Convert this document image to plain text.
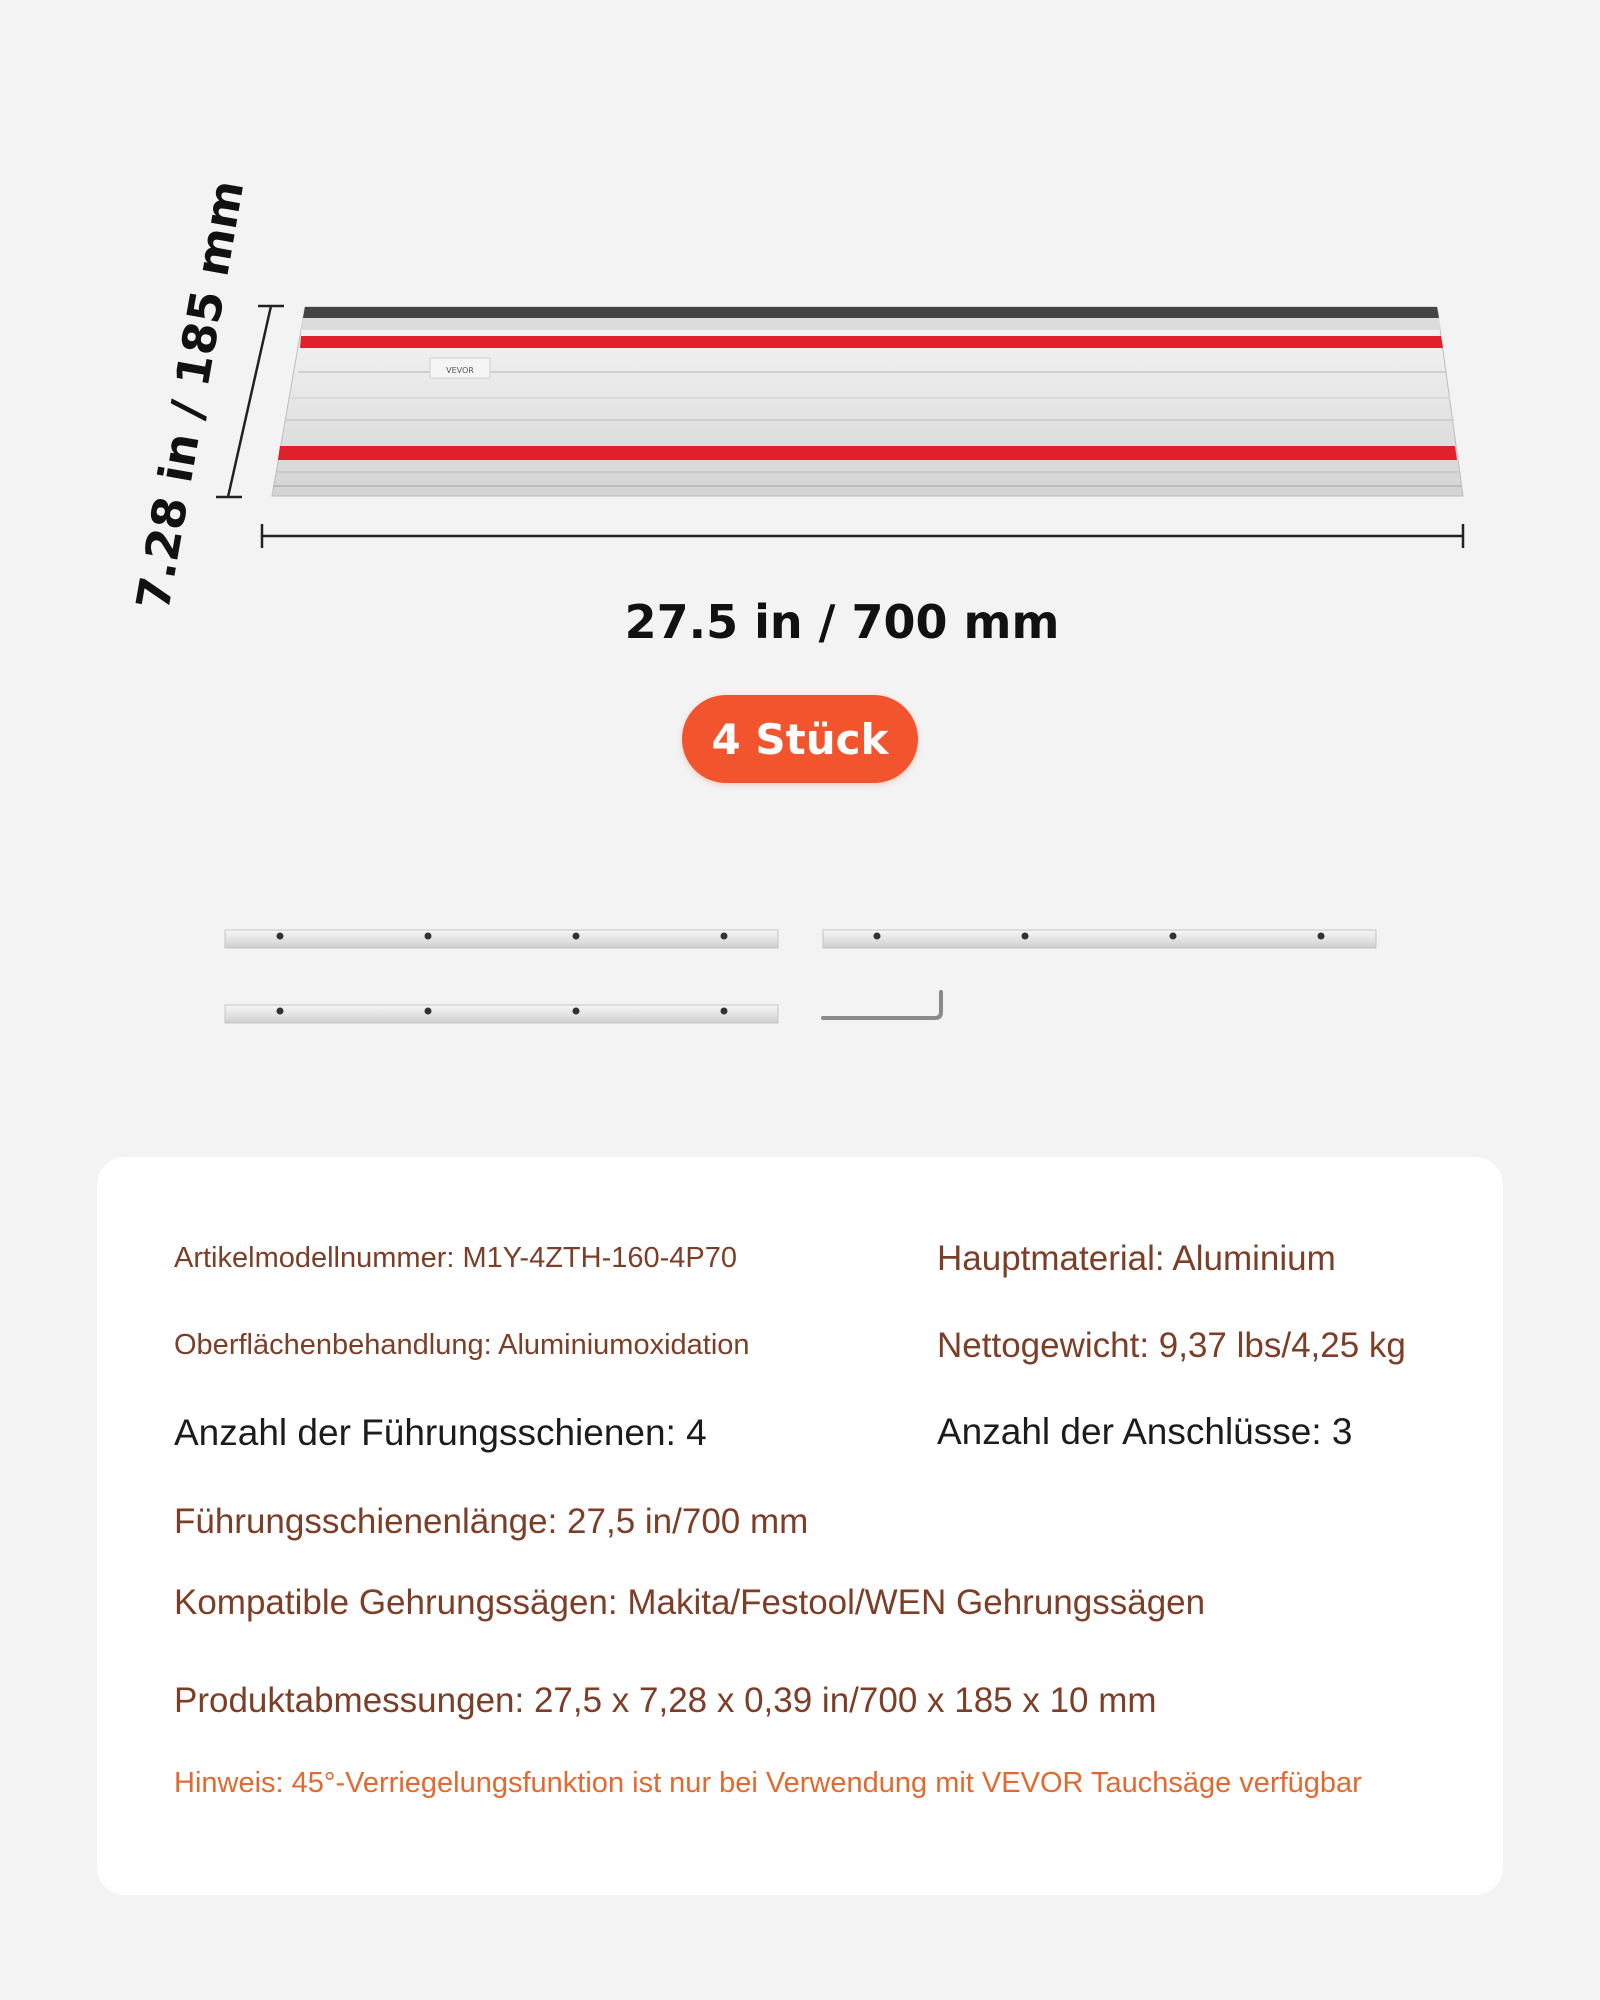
VEVOR
7.28 in / 185 mm
27.5 in / 700 mm
4 Stück
Artikelmodellnummer: M1Y-4ZTH-160-4P70	Hauptmaterial: Aluminium
Oberflächenbehandlung: Aluminiumoxidation	Nettogewicht: 9,37 lbs/4,25 kg
Anzahl der Führungsschienen: 4	Anzahl der Anschlüsse: 3
Führungsschienenlänge: 27,5 in/700 mm
Kompatible Gehrungssägen: Makita/Festool/WEN Gehrungssägen
Produktabmessungen: 27,5 x 7,28 x 0,39 in/700 x 185 x 10 mm
Hinweis: 45°-Verriegelungsfunktion ist nur bei Verwendung mit VEVOR Tauchsäge verfügbar
